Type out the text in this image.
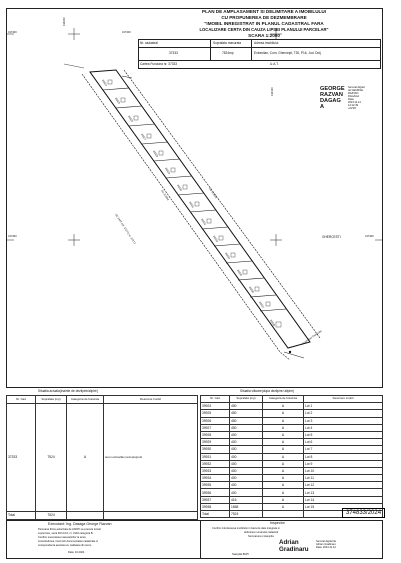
PLAN DE AMPLASAMENT SI DELIMITARE A IMOBILULUI
CU PROPUNEREA DE DEZMEMBRARE
"IMOBIL INREGISTRAT IN PLANUL CADASTRAL FARA
LOCALIZARE CERTA DIN CAUZA LIPSEI PLANULUI PARCELAR"
SCARA 1:2000
Nr. cadastral	Suprafata masurata	Adresa imobilului
37333	7524mp	Extravilan, Com. Gherceşti, T30, P16, Jud. Dolj
Cartea Funciara nr. 37333	U.A.T.
317400	317400
317300	317300
414000
414100
DE 3467 (Cf. 37271) nr. 37272
De 31/684	De 31/664
Proprietari Particular
39924
39925
39926
39927
39928
39929
39930
39931
39932
39933
39934
39935
39936
39937
39938
GHERCESTI
GEORGE
RAZVAN
DAGAG
A
Semnat digital
de GEORGE
RAZVAN
DAGAGA
Data:
2024.11.14
14:12:49
+02'00'
Situatia actuala(inainte de dezlipire/alipire)	Situatia viitoare(dupa dezlipire/ alipire)
Nr. Cad	Suprafata (mp)	Categoria de folosinta	Descriere Imobil
37333	7524	A	teren extravilan,neimprejmuit
Total	7524		
Nr. Cad	Suprafata (mp)	Categoria de folosinta	Descriere imobil
39924	450	A	Lot 1
39925	450	A	Lot 2
39926	450	A	Lot 3
39927	450	A	Lot 4
39928	400	A	Lot 5
39929	400	A	Lot 6
39930	400	A	Lot 7
39931	400	A	Lot 8
39932	400	A	Lot 9
39933	400	A	Lot 10
39934	400	A	Lot 11
39935	400	A	Lot 12
39936	400	A	Lot 13
39937	416	A	Lot 14
39938	1658	A	Lot 15
Total	7524		
Executant: Ing. Dasaga George Razvan
Persoana fizica autorizata de ANCPI sa execute lucrari
cuprinzare, seria RO-DJ-F, nr. 0132 categoria B.
Confirm executarea masuratorilor la teren,
corectitudinea, intocmirii documentatiei cadastrale si
corespondenta acesteia cu realitatea din teren.
Data: 10.2024
Inspector
Confirm introducerea imobilului in baza de date integrata si
atribuirea numarului cadastral
Semnatura si stampila
Adrian
Gradinaru
Semnat digital de
Adrian Gradinaru
Data: 2024.11.14
Stampila BCPI
374833/2024
